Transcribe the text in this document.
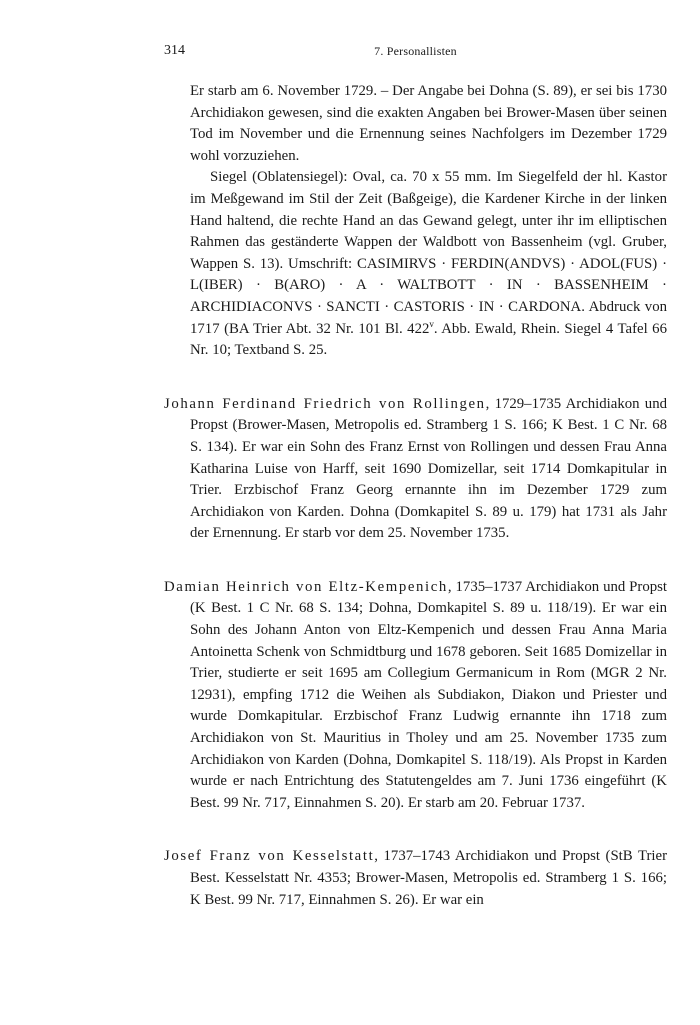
314	7. Personallisten

Er starb am 6. November 1729. – Der Angabe bei Dohna (S. 89), er sei bis 1730 Archidiakon gewesen, sind die exakten Angaben bei Brower-Masen über seinen Tod im November und die Ernennung seines Nachfolgers im Dezember 1729 wohl vorzuziehen.

Siegel (Oblatensiegel): Oval, ca. 70 x 55 mm. Im Siegelfeld der hl. Kastor im Meßgewand im Stil der Zeit (Baßgeige), die Kardener Kirche in der linken Hand haltend, die rechte Hand an das Gewand gelegt, unter ihr im elliptischen Rahmen das geständerte Wappen der Waldbott von Bassenheim (vgl. Gruber, Wappen S. 13). Umschrift: CASIMIRVS · FERDIN(ANDVS) · ADOL(FUS) · L(IBER) · B(ARO) · A · WALTBOTT · IN · BASSENHEIM · ARCHIDIACONVS · SANCTI · CASTORIS · IN · CARDONA. Abdruck von 1717 (BA Trier Abt. 32 Nr. 101 Bl. 422$^v$. Abb. Ewald, Rhein. Siegel 4 Tafel 66 Nr. 10; Textband S. 25.

Johann Ferdinand Friedrich von Rollingen, 1729–1735 Archidiakon und Propst (Brower-Masen, Metropolis ed. Stramberg 1 S. 166; K Best. 1 C Nr. 68 S. 134). Er war ein Sohn des Franz Ernst von Rollingen und dessen Frau Anna Katharina Luise von Harff, seit 1690 Domizellar, seit 1714 Domkapitular in Trier. Erzbischof Franz Georg ernannte ihn im Dezember 1729 zum Archidiakon von Karden. Dohna (Domkapitel S. 89 u. 179) hat 1731 als Jahr der Ernennung. Er starb vor dem 25. November 1735.

Damian Heinrich von Eltz-Kempenich, 1735–1737 Archidiakon und Propst (K Best. 1 C Nr. 68 S. 134; Dohna, Domkapitel S. 89 u. 118/19). Er war ein Sohn des Johann Anton von Eltz-Kempenich und dessen Frau Anna Maria Antoinetta Schenk von Schmidtburg und 1678 geboren. Seit 1685 Domizellar in Trier, studierte er seit 1695 am Collegium Germanicum in Rom (MGR 2 Nr. 12931), empfing 1712 die Weihen als Subdiakon, Diakon und Priester und wurde Domkapitular. Erzbischof Franz Ludwig ernannte ihn 1718 zum Archidiakon von St. Mauritius in Tholey und am 25. November 1735 zum Archidiakon von Karden (Dohna, Domkapitel S. 118/19). Als Propst in Karden wurde er nach Entrichtung des Statutengeldes am 7. Juni 1736 eingeführt (K Best. 99 Nr. 717, Einnahmen S. 20). Er starb am 20. Februar 1737.

Josef Franz von Kesselstatt, 1737–1743 Archidiakon und Propst (StB Trier Best. Kesselstatt Nr. 4353; Brower-Masen, Metropolis ed. Stramberg 1 S. 166; K Best. 99 Nr. 717, Einnahmen S. 26). Er war ein
